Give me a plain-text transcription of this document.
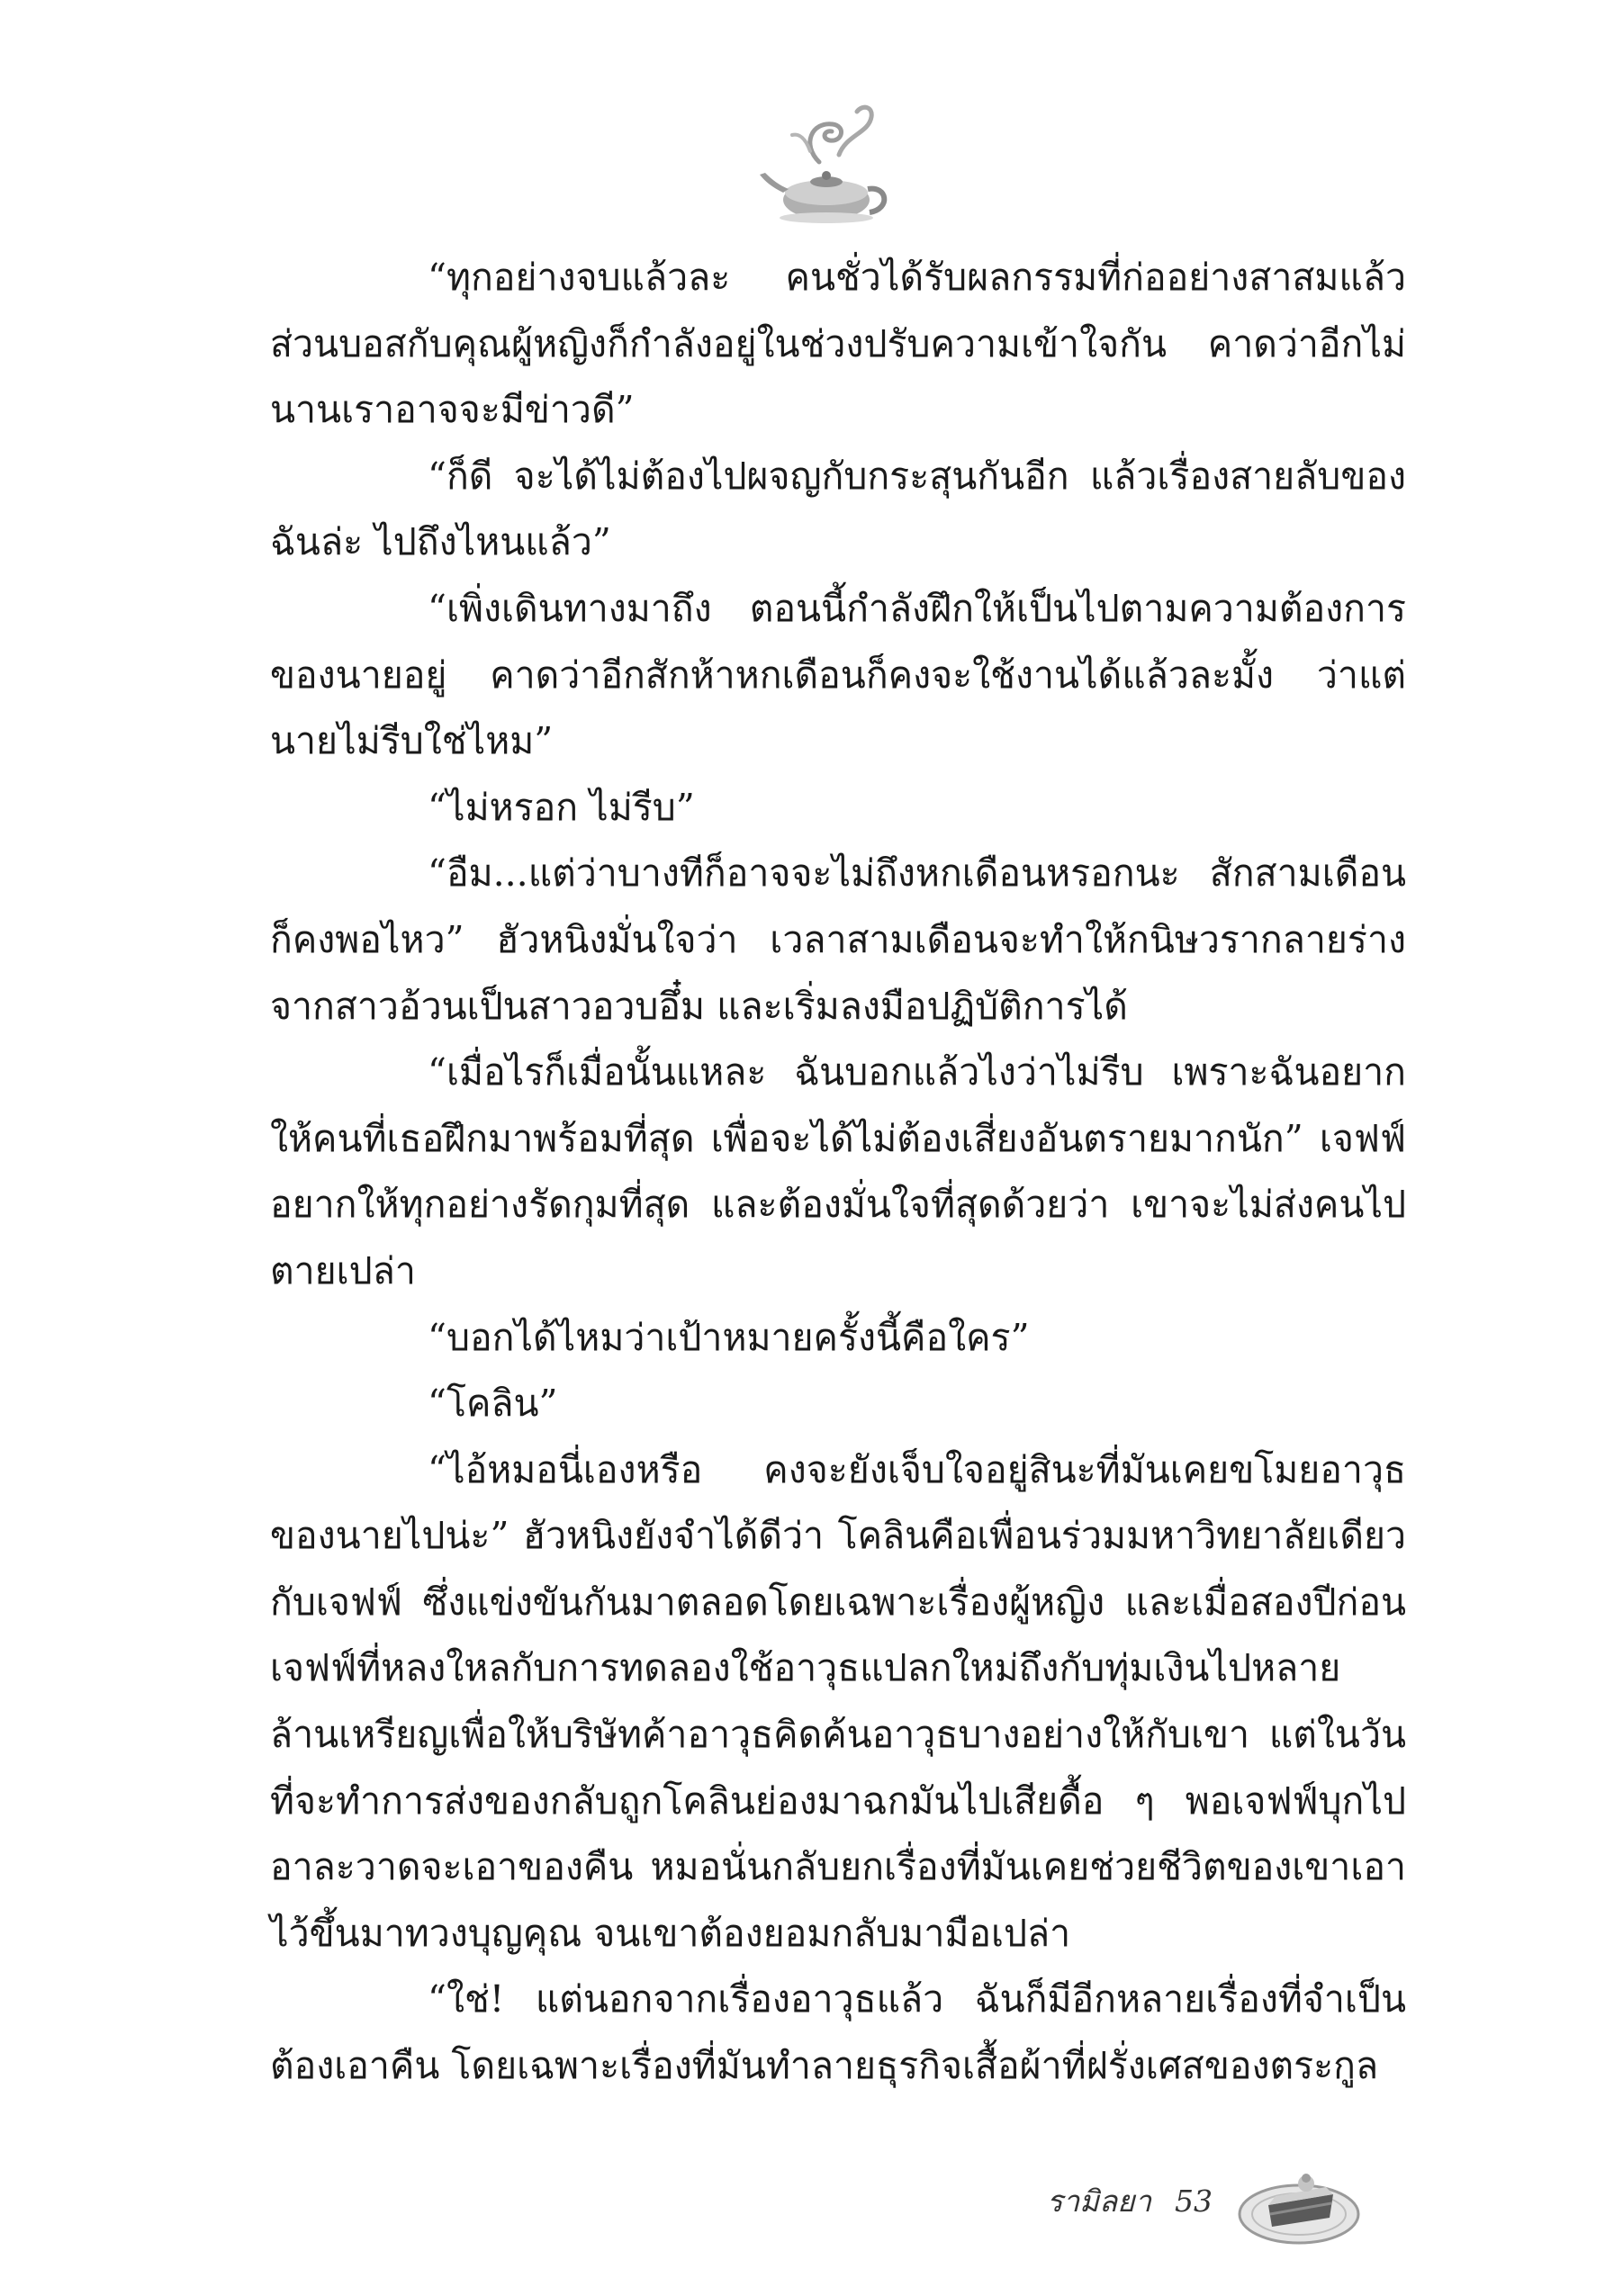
“ทุกอย่างจบแล้วละ คนชั่วได้รับผลกรรมที่ก่ออย่างสาสมแล้ว ส่วนบอสกับคุณผู้หญิงก็กำลังอยู่ในช่วงปรับความเข้าใจกัน คาดว่าอีกไม่นานเราอาจจะมีข่าวดี”

“ก็ดี จะได้ไม่ต้องไปผจญกับกระสุนกันอีก แล้วเรื่องสายลับของฉันล่ะ ไปถึงไหนแล้ว”

“เพิ่งเดินทางมาถึง ตอนนี้กำลังฝึกให้เป็นไปตามความต้องการของนายอยู่ คาดว่าอีกสักห้าหกเดือนก็คงจะใช้งานได้แล้วละมั้ง ว่าแต่นายไม่รีบใช่ไหม”

“ไม่หรอก ไม่รีบ”

“อืม...แต่ว่าบางทีก็อาจจะไม่ถึงหกเดือนหรอกนะ สักสามเดือนก็คงพอไหว” ฮัวหนิงมั่นใจว่า เวลาสามเดือนจะทำให้กนิษวรากลายร่างจากสาวอ้วนเป็นสาวอวบอึ๋ม และเริ่มลงมือปฏิบัติการได้

“เมื่อไรก็เมื่อนั้นแหละ ฉันบอกแล้วไงว่าไม่รีบ เพราะฉันอยากให้คนที่เธอฝึกมาพร้อมที่สุด เพื่อจะได้ไม่ต้องเสี่ยงอันตรายมากนัก” เจฟฟ์อยากให้ทุกอย่างรัดกุมที่สุด และต้องมั่นใจที่สุดด้วยว่า เขาจะไม่ส่งคนไปตายเปล่า

“บอกได้ไหมว่าเป้าหมายครั้งนี้คือใคร”

“โคลิน”

“ไอ้หมอนี่เองหรือ คงจะยังเจ็บใจอยู่สินะที่มันเคยขโมยอาวุธของนายไปน่ะ” ฮัวหนิงยังจำได้ดีว่า โคลินคือเพื่อนร่วมมหาวิทยาลัยเดียวกับเจฟฟ์ ซึ่งแข่งขันกันมาตลอดโดยเฉพาะเรื่องผู้หญิง และเมื่อสองปีก่อนเจฟฟ์ที่หลงใหลกับการทดลองใช้อาวุธแปลกใหม่ถึงกับทุ่มเงินไปหลายล้านเหรียญเพื่อให้บริษัทค้าอาวุธคิดค้นอาวุธบางอย่างให้กับเขา แต่ในวันที่จะทำการส่งของกลับถูกโคลินย่องมาฉกมันไปเสียดื้อ ๆ พอเจฟฟ์บุกไปอาละวาดจะเอาของคืน หมอนั่นกลับยกเรื่องที่มันเคยช่วยชีวิตของเขาเอาไว้ขึ้นมาทวงบุญคุณ จนเขาต้องยอมกลับมามือเปล่า

“ใช่! แต่นอกจากเรื่องอาวุธแล้ว ฉันก็มีอีกหลายเรื่องที่จำเป็นต้องเอาคืน โดยเฉพาะเรื่องที่มันทำลายธุรกิจเสื้อผ้าที่ฝรั่งเศสของตระกูล

รามิลยา 53
